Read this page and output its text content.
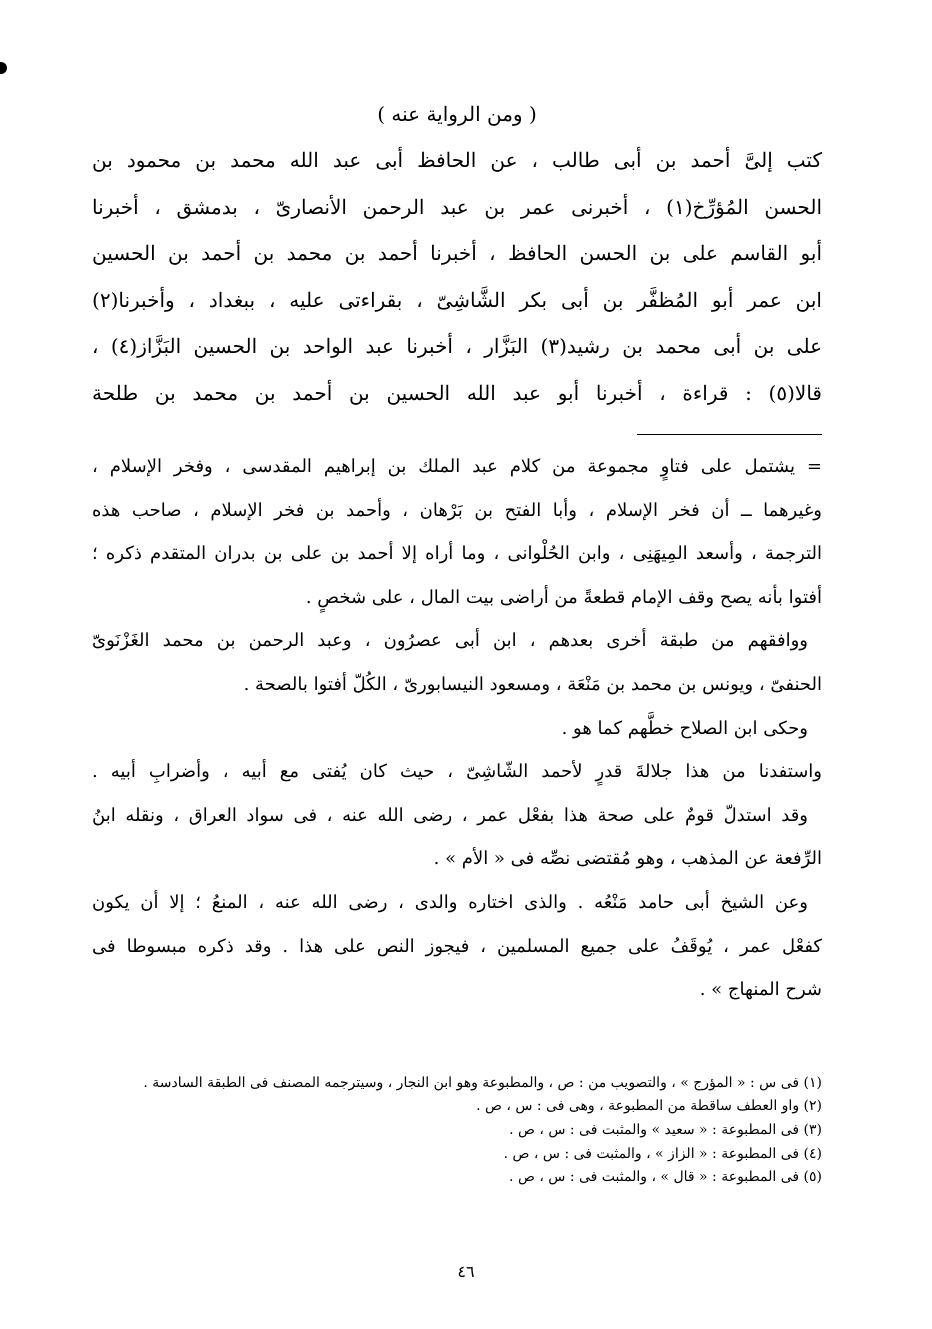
( ومن الرواية عنه )
كتب إلىَّ أحمد بن أبى طالب ، عن الحافظ أبى عبد الله محمد بن محمود بن
الحسن المُؤرِّخ(١) ، أخبرنى عمر بن عبد الرحمن الأنصارىّ ، بدمشق ، أخبرنا
أبو القاسم على بن الحسن الحافظ ، أخبرنا أحمد بن محمد بن أحمد بن الحسين
ابن عمر أبو المُظفَّر بن أبى بكر الشَّاشِىّ ، بقراءتى عليه ، ببغداد ، وأخبرنا(٢)
على بن أبى محمد بن رشيد(٣) البَزَّار ، أخبرنا عبد الواحد بن الحسين البَزَّاز(٤) ،
قالا(٥) : قراءة ، أخبرنا أبو عبد الله الحسين بن أحمد بن محمد بن طلحة
= يشتمل على فتاوٍ مجموعة من كلام عبد الملك بن إبراهيم المقدسى ، وفخر الإسلام ،
وغيرهما ــ أن فخر الإسلام ، وأبا الفتح بن بَرْهان ، وأحمد بن فخر الإسلام ، صاحب هذه
الترجمة ، وأسعد المِيهَنِى ، وابن الحُلْوانى ، وما أراه إلا أحمد بن على بن بدران المتقدم ذكره ؛
أفتوا بأنه يصح وقف الإمام قطعةً من أراضى بيت المال ، على شخصٍ .
ووافقهم من طبقة أخرى بعدهم ، ابن أبى عصرُون ، وعبد الرحمن بن محمد الغَزْنَوىّ
الحنفىّ ، ويونس بن محمد بن مَنْعَة ، ومسعود النيسابورىّ ، الكُلّ أفتوا بالصحة .
وحكى ابن الصلاح خطَّهم كما هو .
واستفدنا من هذا جلالةَ قدرٍ لأحمد الشّاشِىّ ، حيث كان يُفتى مع أبيه ، وأضرابِ أبيه .
وقد استدلّ قومٌ على صحة هذا بفعْل عمر ، رضى الله عنه ، فى سواد العراق ، ونقله ابنُ
الرِّفعة عن المذهب ، وهو مُقتضى نصِّه فى « الأم » .
وعن الشيخ أبى حامد مَنْعُه . والذى اختاره والدى ، رضى الله عنه ، المنعُ ؛ إلا أن يكون
كفعْل عمر ، يُوقَفُ على جميع المسلمين ، فيجوز النص على هذا . وقد ذكره مبسوطا فى
شرح المنهاج » .
(١) فى س : « المؤرج » ، والتصويب من : ص ، والمطبوعة وهو ابن النجار ، وسيترجمه المصنف فى الطبقة السادسة .
(٢) واو العطف ساقطة من المطبوعة ، وهى فى : س ، ص .
(٣) فى المطبوعة : « سعيد » والمثبت فى : س ، ص .
(٤) فى المطبوعة : « الزاز » ، والمثبت فى : س ، ص .
(٥) فى المطبوعة : « قال » ، والمثبت فى : س ، ص .
٤٦
